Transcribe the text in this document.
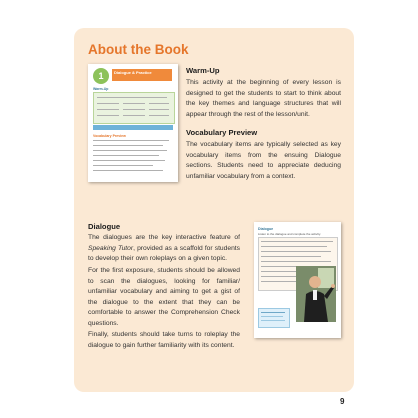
About the Book
1	Dialogue & Practice
Warm-Up
Vocabulary Preview
Warm-Up

This activity at the beginning of every lesson is designed to get the students to start to think about the key themes and language structures that will appear through the rest of the lesson/unit.

Vocabulary Preview

The vocabulary items are typically selected as key vocabulary items from the ensuing Dialogue sections. Students need to appreciate deducing unfamiliar vocabulary from a context.

Dialogue

The dialogues are the key interactive feature of Speaking Tutor, provided as a scaffold for students to develop their own roleplays on a given topic.

For the first exposure, students should be allowed to scan the dialogues, looking for familiar/ unfamiliar vocabulary and aiming to get a gist of the dialogue to the extent that they can be comfortable to answer the Comprehension Check questions.

Finally, students should take turns to roleplay the dialogue to gain further familiarity with its content.

Dialogue
Listen to the dialogue and complete the activity.
9
